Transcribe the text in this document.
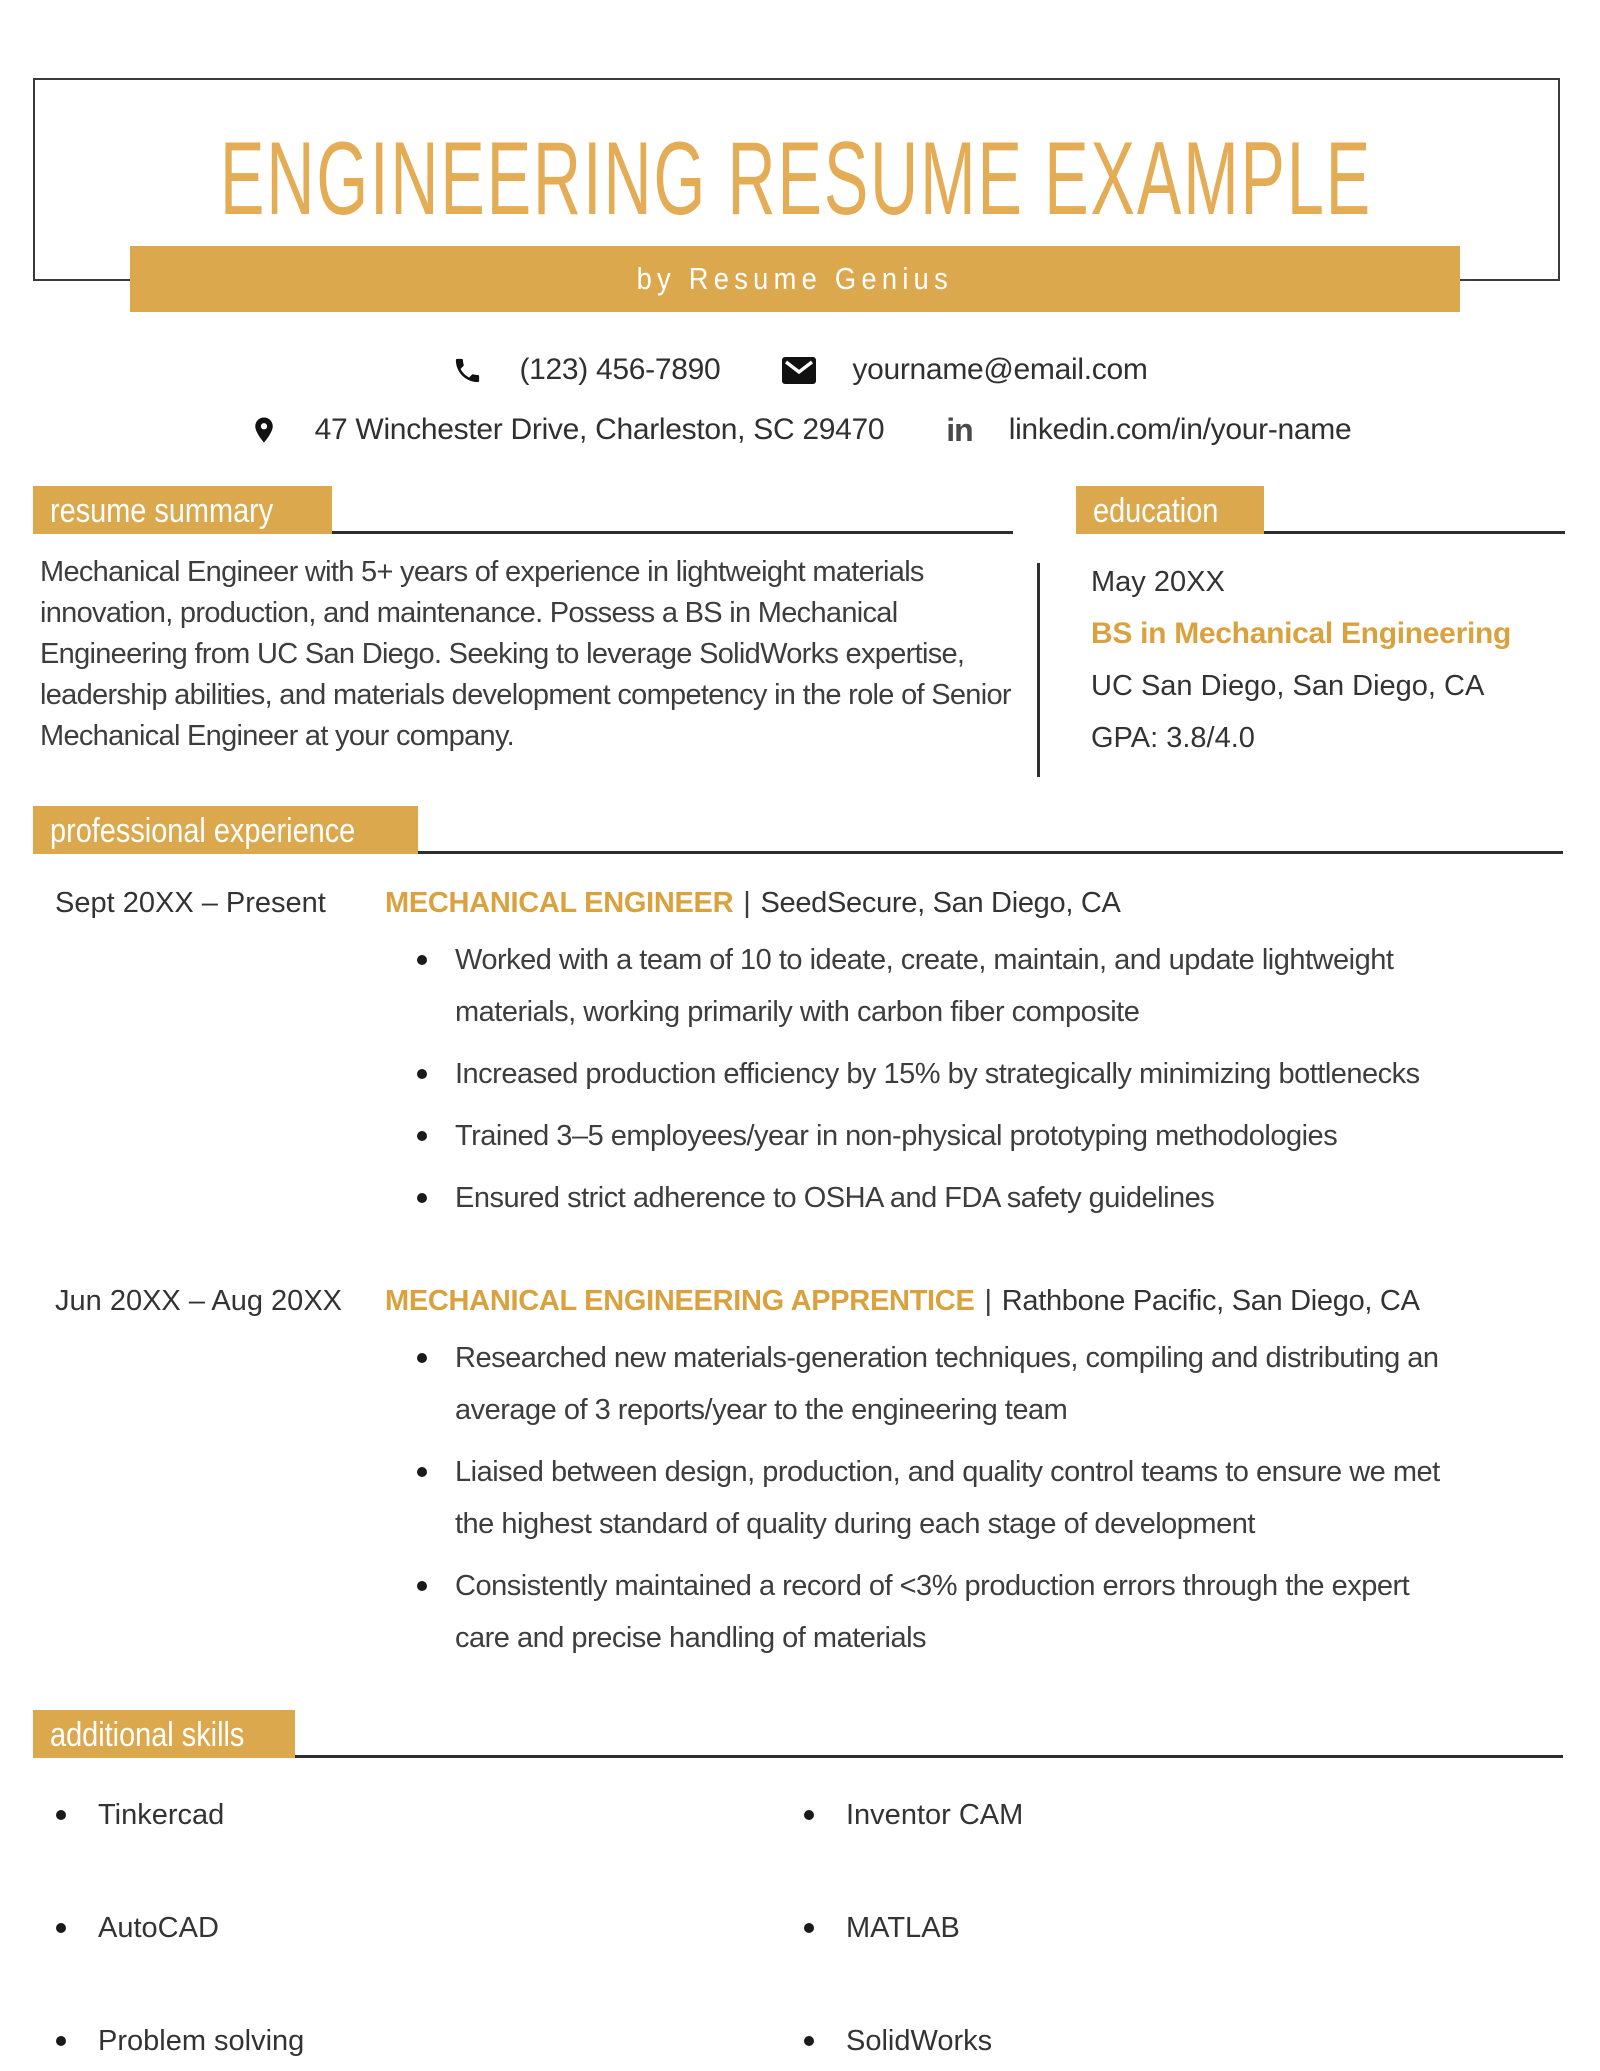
ENGINEERING RESUME EXAMPLE
by Resume Genius
(123) 456-7890	yourname@email.com
47 Winchester Drive, Charleston, SC 29470 in linkedin.com/in/your-name
resume summary
Mechanical Engineer with 5+ years of experience in lightweight materials innovation, production, and maintenance. Possess a BS in Mechanical Engineering from UC San Diego. Seeking to leverage SolidWorks expertise, leadership abilities, and materials development competency in the role of Senior Mechanical Engineer at your company.
education

May 20XX

BS in Mechanical Engineering

UC San Diego, San Diego, CA

GPA: 3.8/4.0

professional experience
Sept 20XX – Present	MECHANICAL ENGINEER | SeedSecure, San Diego, CA
Worked with a team of 10 to ideate, create, maintain, and update lightweight materials, working primarily with carbon fiber composite
Increased production efficiency by 15% by strategically minimizing bottlenecks
Trained 3–5 employees/year in non-physical prototyping methodologies
Ensured strict adherence to OSHA and FDA safety guidelines
Jun 20XX – Aug 20XX	MECHANICAL ENGINEERING APPRENTICE | Rathbone Pacific, San Diego, CA
Researched new materials-generation techniques, compiling and distributing an average of 3 reports/year to the engineering team
Liaised between design, production, and quality control teams to ensure we met the highest standard of quality during each stage of development
Consistently maintained a record of <3% production errors through the expert care and precise handling of materials
additional skills
Tinkercad
AutoCAD
Problem solving
Inventor CAM
MATLAB
SolidWorks
